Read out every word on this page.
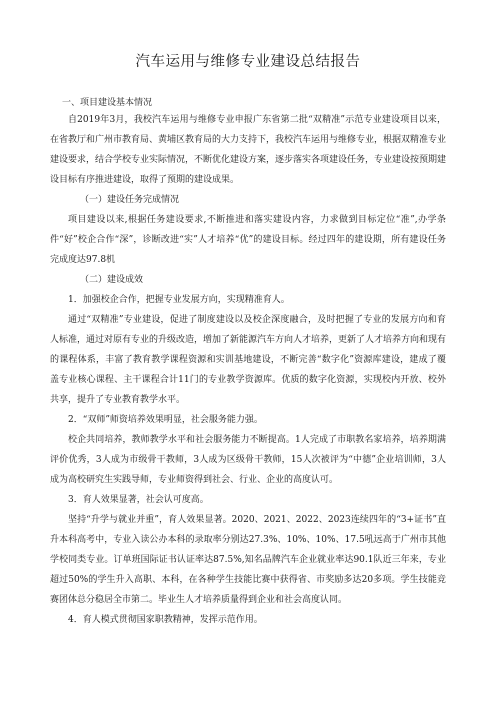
汽车运用与维修专业建设总结报告
一、项目建设基本情况

自2019年3月，我校汽车运用与维修专业申报广东省第二批“双精准”示范专业建设项目以来，在省教厅和广州市教育局、黄埔区教育局的大力支持下，我校汽车运用与维修专业，根据双精准专业建设要求，结合学校专业实际情况，不断优化建设方案，逐步落实各项建设任务，专业建设按预期建设目标有序推进建设，取得了预期的建设成果。

（一）建设任务完成情况

项目建设以来,根据任务建设要求,不断推进和落实建设内容，力求做到目标定位“准”,办学条件“好”校企合作“深”，诊断改进“实”人才培养“优”的建设目标。经过四年的建设期，所有建设任务完成度达97.8机

（二）建设成效

1．加强校企合作，把握专业发展方向，实现精准育人。

通过“双精准”专业建设，促进了制度建设以及校企深度融合，及时把握了专业的发展方向和育人标准，通过对原有专业的升级改造，增加了新能源汽车方向人才培养，更新了人才培养方向和现有的课程体系，丰富了教育教学课程资源和实训基地建设，不断完善“数字化”资源库建设，建成了覆盖专业核心课程、主干课程合计11门的专业教学资源库。优质的数字化资源，实现校内开放、校外共享，提升了专业教育教学水平。

2．“双师”师资培养效果明显，社会服务能力强。

校企共同培养，教师教学水平和社会服务能力不断提高。1人完成了市职教名家培养，培养期满评价优秀，3人成为市级骨干教师，3人成为区级骨干教师，15人次被评为“中德”企业培训师，3人成为高校研究生实践导师，专业师资得到社会、行业、企业的高度认可。

3．育人效果显著，社会认可度高。

坚持“升学与就业并重”，育人效果显著。2020、2021、2022、2023连续四年的“3+证书”直升本科高考中，专业入读公办本科的录取率分别达27.3%、10%、10%、17.5吼远高于广州市其他学校同类专业。订单班国际证书认证率达87.5%,知名品牌汽车企业就业率达90.1队近三年来，专业超过50%的学生升入高职、本科，在各种学生技能比赛中获得省、市奖励多达20多项。学生技能竞赛团体总分稳居全市第二。毕业生人才培养质量得到企业和社会高度认同。

4．育人模式贯彻国家职教精神，发挥示范作用。
